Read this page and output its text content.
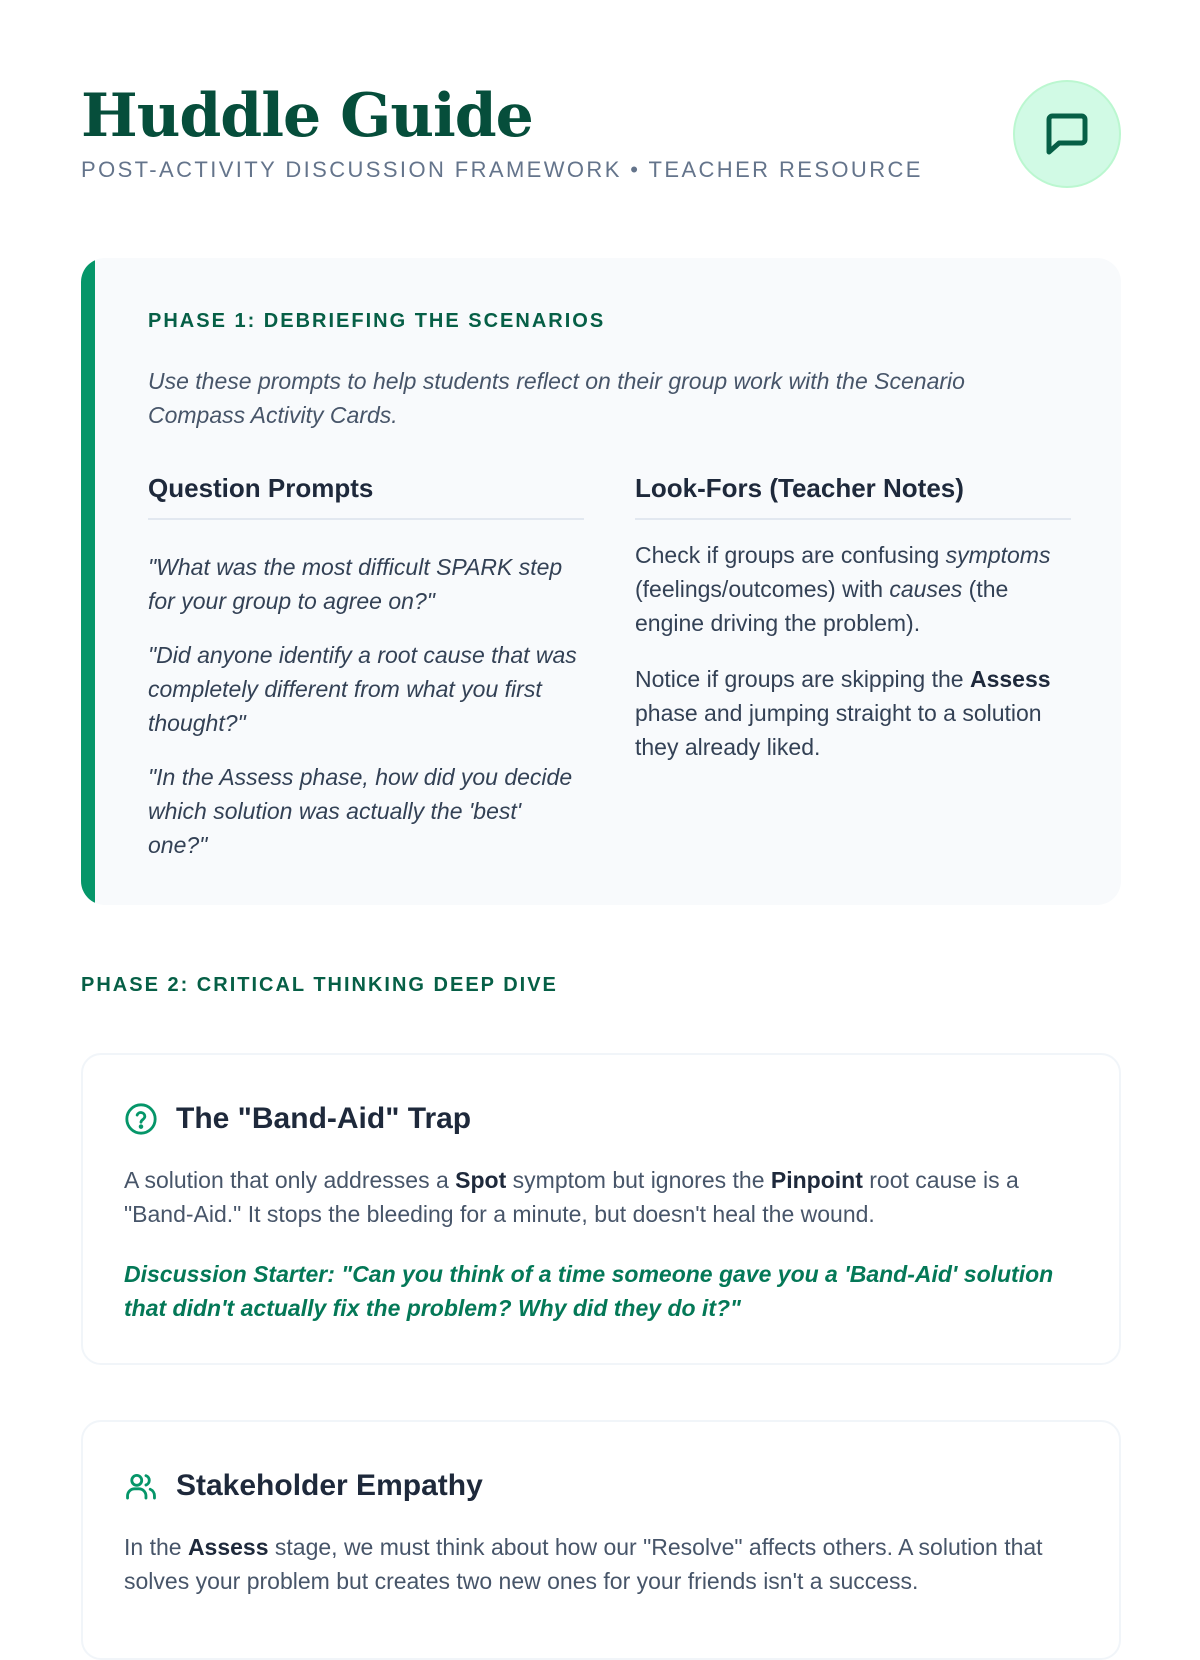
Huddle Guide
POST-ACTIVITY DISCUSSION FRAMEWORK • TEACHER RESOURCE
PHASE 1: DEBRIEFING THE SCENARIOS
Use these prompts to help students reflect on their group work with the Scenario Compass Activity Cards.
Question Prompts

"What was the most difficult SPARK step for your group to agree on?"

"Did anyone identify a root cause that was completely different from what you first thought?"

"In the Assess phase, how did you decide which solution was actually the 'best' one?"

Look-Fors (Teacher Notes)

Check if groups are confusing symptoms (feelings/outcomes) with causes (the engine driving the problem).

Notice if groups are skipping the Assess phase and jumping straight to a solution they already liked.

PHASE 2: CRITICAL THINKING DEEP DIVE
The "Band-Aid" Trap
A solution that only addresses a Spot symptom but ignores the Pinpoint root cause is a "Band-Aid." It stops the bleeding for a minute, but doesn't heal the wound.
Discussion Starter: "Can you think of a time someone gave you a 'Band-Aid' solution that didn't actually fix the problem? Why did they do it?"
Stakeholder Empathy
In the Assess stage, we must think about how our "Resolve" affects others. A solution that solves your problem but creates two new ones for your friends isn't a success.
